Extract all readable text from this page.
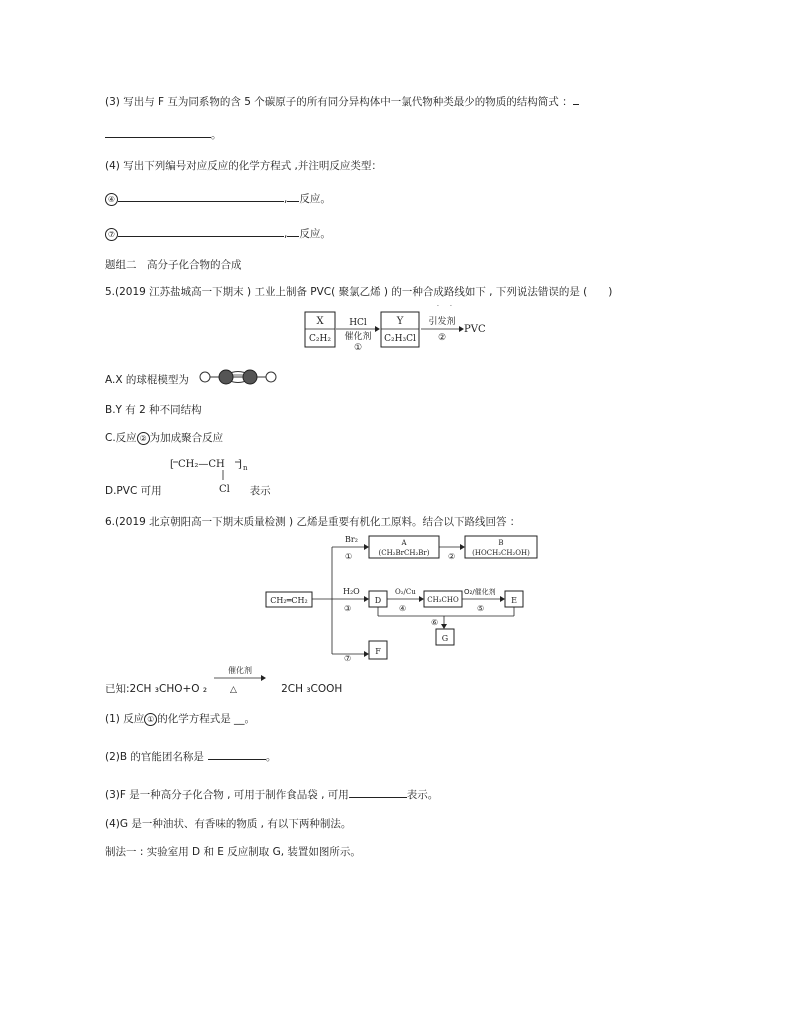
(3) 写出与 F 互为同系物的含 5 个碳原子的所有同分异构体中一氯代物种类最少的物质的结构简式 ：
。
(4) 写出下列编号对应反应的化学方程式 ,并注明反应类型：
④	, 反应。
⑦	, 反应。
题组二　高分子化合物的合成
5.(2019 江苏盐城高一下期末 ) 工业上制备 PVC( 聚氯乙烯 ) 的一种合成路线如下 , 下列说法错误的是 (　　)
· ·
X
C₂H₂
HCl
催化剂
①
Y
C₂H₃Cl
引发剂
②
PVC
A.X 的球棍模型为
B.Y 有 2 种不同结构
C.反应 ② 为加成聚合反应
[ CH₂—CH ] n
Cl
D.PVC 可用	表示
6.(2019 北京朝阳高一下期末质量检测 ) 乙烯是重要有机化工原料。结合以下路线回答 ：
CH₂═CH₂
Br₂
①
A
(CH₂BrCH₂Br) ②
B
(HOCH₂CH₂OH)
H₂O
③
D
O₂/Cu
④
CH₃CHO
O₂/催化剂
⑤
E
⑥
G
⑦
F
已知:2CH ₃CHO+O ₂	2CH ₃COOH
催化剂
△
(1) 反应 ① 的化学方程式是 __。
(2)B 的官能团名称是	。
(3)F 是一种高分子化合物 , 可用于制作食品袋 , 可用	表示。
(4)G 是一种油状、有香味的物质 , 有以下两种制法。
制法一 : 实验室用 D 和 E 反应制取 G, 装置如图所示。
